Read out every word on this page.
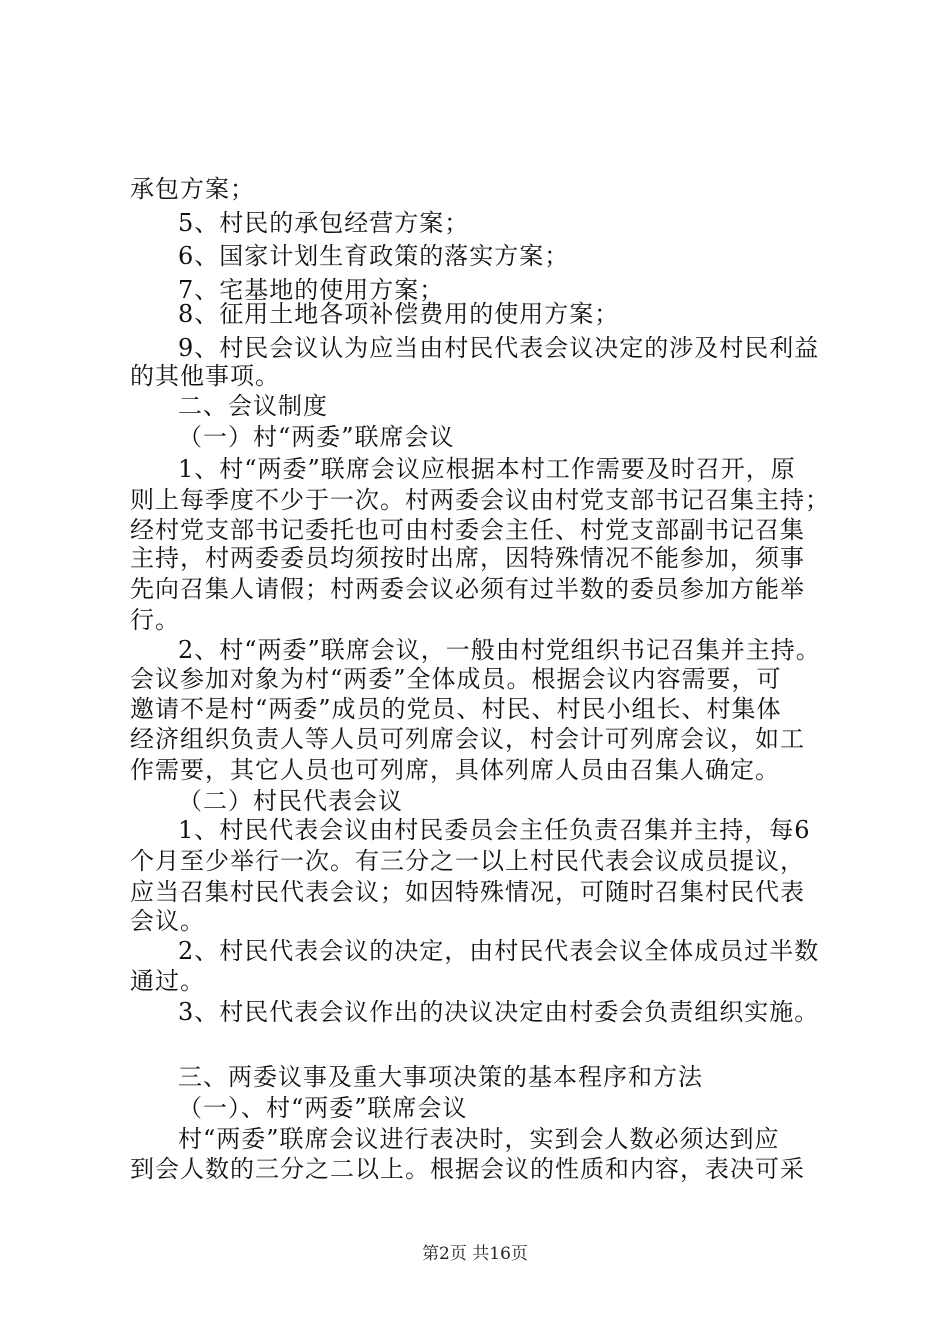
承包方案；
5、村民的承包经营方案；
6、国家计划生育政策的落实方案；
7、宅基地的使用方案；
8、征用土地各项补偿费用的使用方案；
9、村民会议认为应当由村民代表会议决定的涉及村民利益
的其他事项。
二、会议制度
（一）村“两委”联席会议
1、村“两委”联席会议应根据本村工作需要及时召开，原
则上每季度不少于一次。村两委会议由村党支部书记召集主持；
经村党支部书记委托也可由村委会主任、村党支部副书记召集
主持，村两委委员均须按时出席，因特殊情况不能参加，须事
先向召集人请假；村两委会议必须有过半数的委员参加方能举
行。
2、村“两委”联席会议，一般由村党组织书记召集并主持。
会议参加对象为村“两委”全体成员。根据会议内容需要，可
邀请不是村“两委”成员的党员、村民、村民小组长、村集体
经济组织负责人等人员可列席会议，村会计可列席会议，如工
作需要，其它人员也可列席，具体列席人员由召集人确定。
（二）村民代表会议
1、村民代表会议由村民委员会主任负责召集并主持，每6
个月至少举行一次。有三分之一以上村民代表会议成员提议，
应当召集村民代表会议；如因特殊情况，可随时召集村民代表
会议。
2、村民代表会议的决定，由村民代表会议全体成员过半数
通过。
3、村民代表会议作出的决议决定由村委会负责组织实施。
三、两委议事及重大事项决策的基本程序和方法
（一）、村“两委”联席会议
村“两委”联席会议进行表决时，实到会人数必须达到应
到会人数的三分之二以上。根据会议的性质和内容，表决可采
第2页 共16页
